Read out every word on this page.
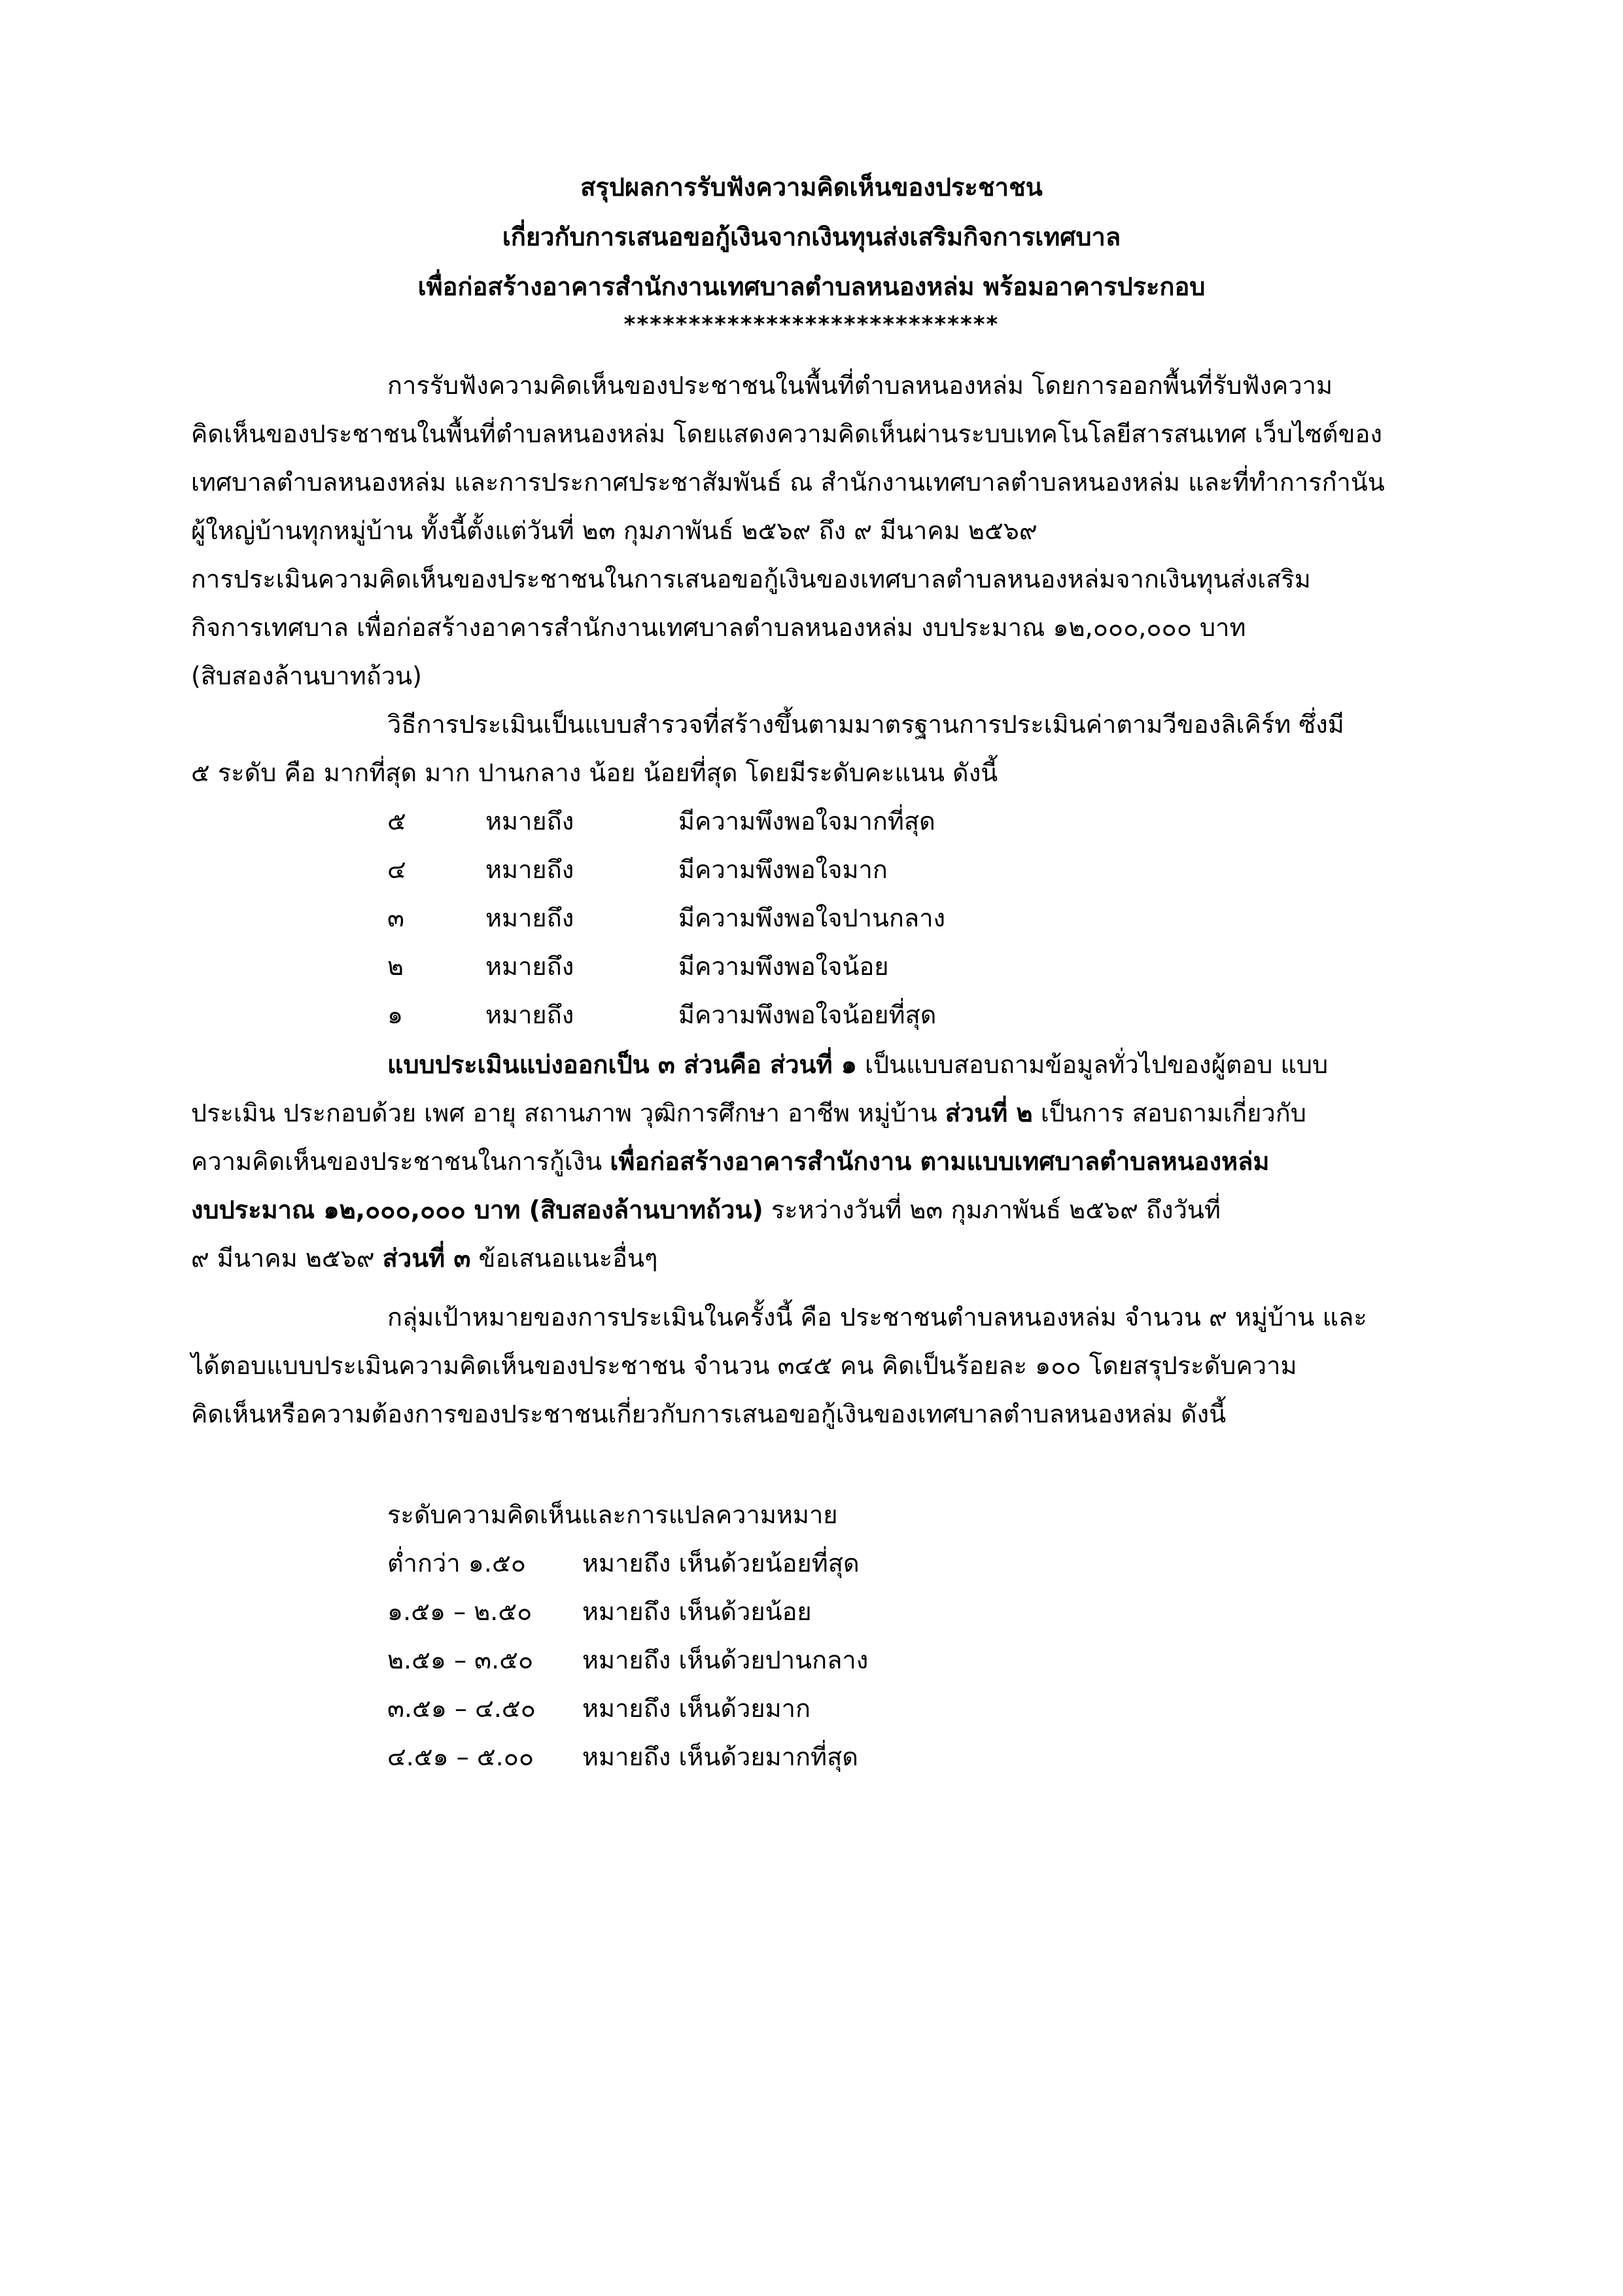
สรุปผลการรับฟังความคิดเห็นของประชาชน
เกี่ยวกับการเสนอขอกู้เงินจากเงินทุนส่งเสริมกิจการเทศบาล
เพื่อก่อสร้างอาคารสำนักงานเทศบาลตำบลหนองหล่ม พร้อมอาคารประกอบ
*****************************
การรับฟังความคิดเห็นของประชาชนในพื้นที่ตำบลหนองหล่ม โดยการออกพื้นที่รับฟังความ
คิดเห็นของประชาชนในพื้นที่ตำบลหนองหล่ม โดยแสดงความคิดเห็นผ่านระบบเทคโนโลยีสารสนเทศ เว็บไซต์ของ
เทศบาลตำบลหนองหล่ม และการประกาศประชาสัมพันธ์ ณ สำนักงานเทศบาลตำบลหนองหล่ม และที่ทำการกำนัน
ผู้ใหญ่บ้านทุกหมู่บ้าน ทั้งนี้ตั้งแต่วันที่ ๒๓ กุมภาพันธ์ ๒๕๖๙ ถึง ๙ มีนาคม ๒๕๖๙
การประเมินความคิดเห็นของประชาชนในการเสนอขอกู้เงินของเทศบาลตำบลหนองหล่มจากเงินทุนส่งเสริม
กิจการเทศบาล เพื่อก่อสร้างอาคารสำนักงานเทศบาลตำบลหนองหล่ม งบประมาณ ๑๒,๐๐๐,๐๐๐ บาท
(สิบสองล้านบาทถ้วน)
วิธีการประเมินเป็นแบบสำรวจที่สร้างขึ้นตามมาตรฐานการประเมินค่าตามวีของลิเคิร์ท ซึ่งมี
๕ ระดับ คือ มากที่สุด มาก ปานกลาง น้อย น้อยที่สุด โดยมีระดับคะแนน ดังนี้
๕	หมายถึง	มีความพึงพอใจมากที่สุด
๔	หมายถึง	มีความพึงพอใจมาก
๓	หมายถึง	มีความพึงพอใจปานกลาง
๒	หมายถึง	มีความพึงพอใจน้อย
๑	หมายถึง	มีความพึงพอใจน้อยที่สุด
แบบประเมินแบ่งออกเป็น ๓ ส่วนคือ ส่วนที่ ๑ เป็นแบบสอบถามข้อมูลทั่วไปของผู้ตอบ แบบ
ประเมิน ประกอบด้วย เพศ อายุ สถานภาพ วุฒิการศึกษา อาชีพ หมู่บ้าน ส่วนที่ ๒ เป็นการ สอบถามเกี่ยวกับ
ความคิดเห็นของประชาชนในการกู้เงิน เพื่อก่อสร้างอาคารสำนักงาน ตามแบบเทศบาลตำบลหนองหล่ม
งบประมาณ ๑๒,๐๐๐,๐๐๐ บาท (สิบสองล้านบาทถ้วน) ระหว่างวันที่ ๒๓ กุมภาพันธ์ ๒๕๖๙ ถึงวันที่
๙ มีนาคม ๒๕๖๙ ส่วนที่ ๓ ข้อเสนอแนะอื่นๆ
กลุ่มเป้าหมายของการประเมินในครั้งนี้ คือ ประชาชนตำบลหนองหล่ม จำนวน ๙ หมู่บ้าน และ
ได้ตอบแบบประเมินความคิดเห็นของประชาชน จำนวน ๓๔๕ คน คิดเป็นร้อยละ ๑๐๐ โดยสรุประดับความ
คิดเห็นหรือความต้องการของประชาชนเกี่ยวกับการเสนอขอกู้เงินของเทศบาลตำบลหนองหล่ม ดังนี้
ระดับความคิดเห็นและการแปลความหมาย
ต่ำกว่า ๑.๕๐ หมายถึง เห็นด้วยน้อยที่สุด
๑.๕๑ – ๒.๕๐ หมายถึง เห็นด้วยน้อย
๒.๕๑ – ๓.๕๐ หมายถึง เห็นด้วยปานกลาง
๓.๕๑ – ๔.๕๐ หมายถึง เห็นด้วยมาก
๔.๕๑ – ๕.๐๐ หมายถึง เห็นด้วยมากที่สุด
